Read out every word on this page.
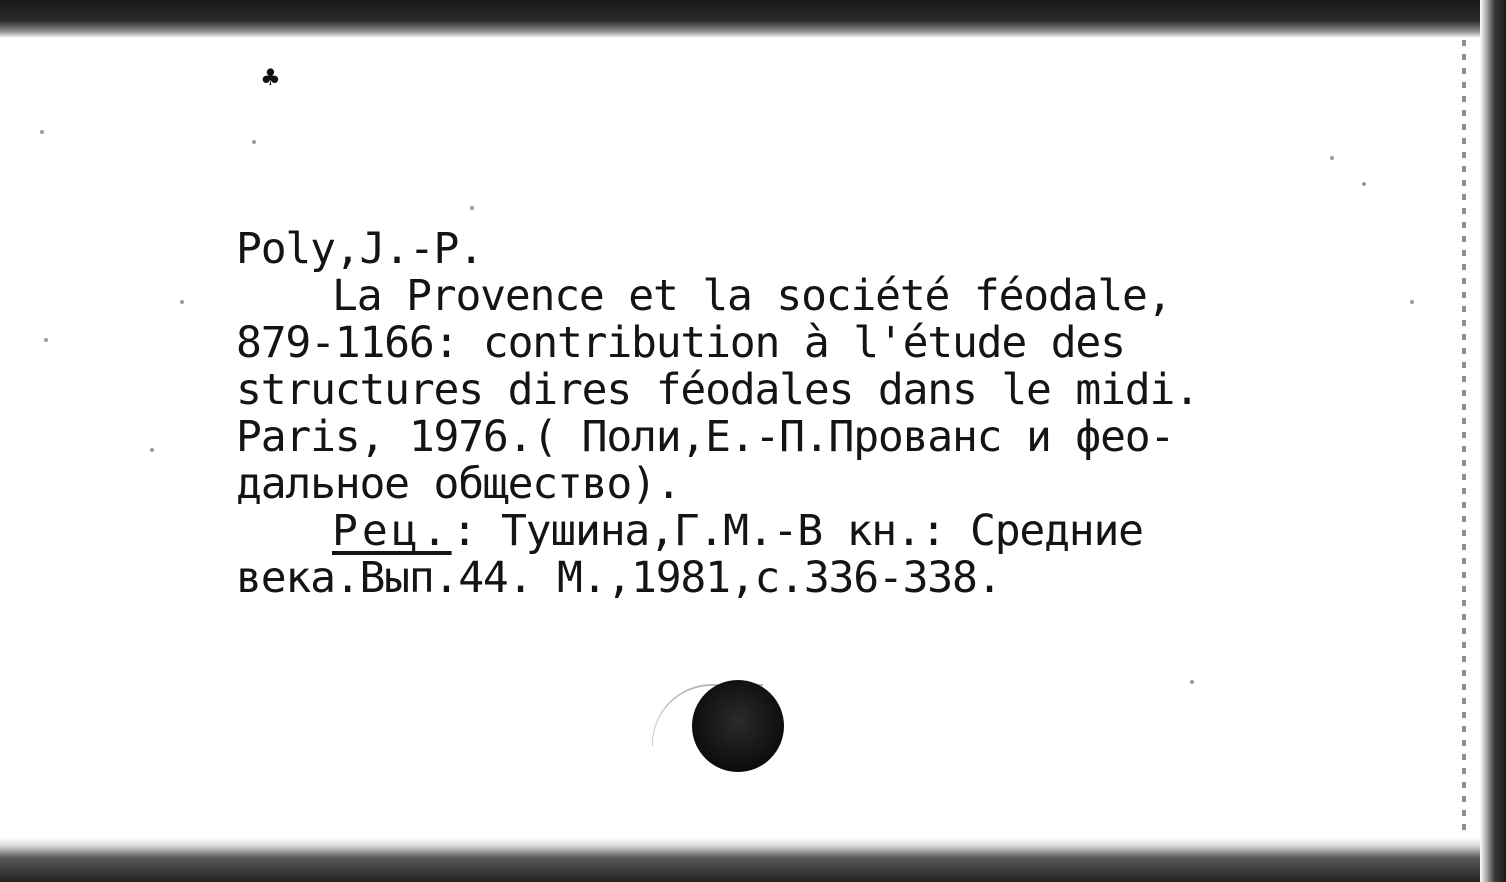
♣
Poly,J.-P.
La Provence et la société féodale,
879-1166: contribution à l'étude des
structures dires féodales dans le midi.
Paris, 1976.( Поли,Е.-П.Прованс и фео-
дальное общество).
Рец.: Тушина,Г.М.-В кн.: Средние
века.Вып.44. М.,1981,с.336-338.
